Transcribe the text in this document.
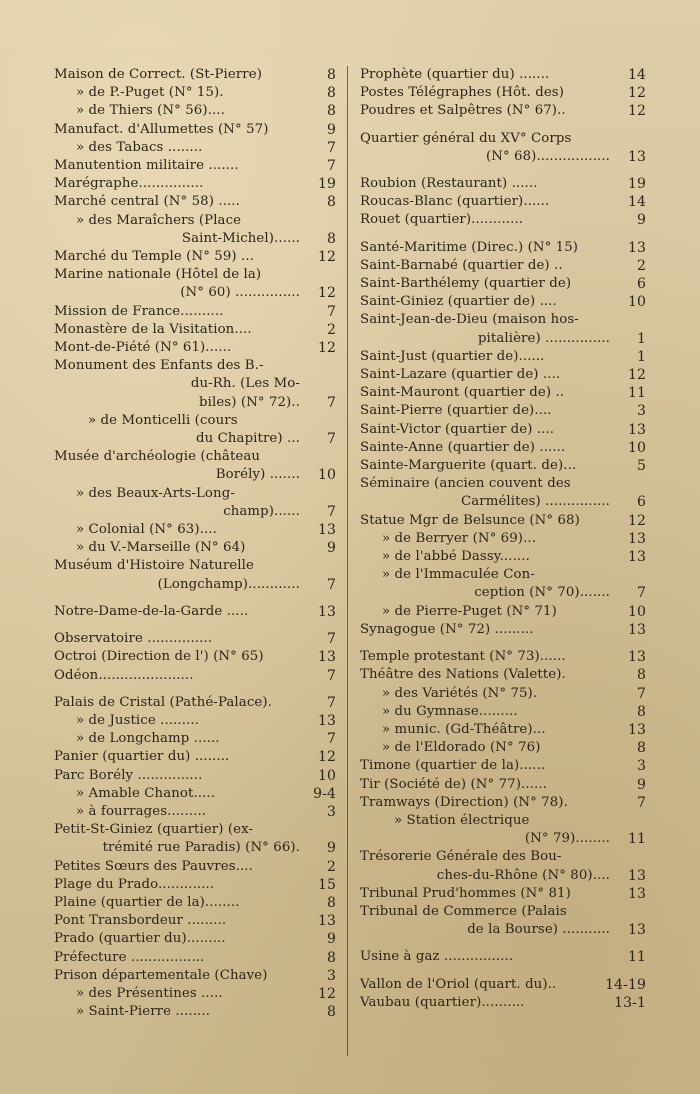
Maison de Correct. (St-Pierre)	8
» de P.-Puget (N° 15).	8
» de Thiers (N° 56)....	8
Manufact. d'Allumettes (N° 57)	9
» des Tabacs ........	7
Manutention militaire .......	7
Marégraphe...............	19
Marché central (N° 58) .....	8
» des Maraîchers (Place
Saint-Michel)...... 8
Marché du Temple (N° 59) ...	12
Marine nationale (Hôtel de la)
(N° 60) ............... 12
Mission de France..........	7
Monastère de la Visitation....	2
Mont-de-Piété (N° 61)......	12
Monument des Enfants des B.-
du-Rh. (Les Mo-
biles) (N° 72).. 7
» de Monticelli (cours
du Chapitre) ... 7
Musée d'archéologie (château
Borély) ....... 10
» des Beaux-Arts-Long-
champ)...... 7
» Colonial (N° 63)....	13
» du V.-Marseille (N° 64)	9
Muséum d'Histoire Naturelle
(Longchamp)............ 7
Notre-Dame-de-la-Garde .....	13
Observatoire ...............	7
Octroi (Direction de l') (N° 65)	13
Odéon......................	7
Palais de Cristal (Pathé-Palace).	7
» de Justice .........	13
» de Longchamp ......	7
Panier (quartier du) ........	12
Parc Borély ...............	10
» Amable Chanot.....	9-4
» à fourrages.........	3
Petit-St-Giniez (quartier) (ex-
trémité rue Paradis) (N° 66). 9
Petites Sœurs des Pauvres....	2
Plage du Prado.............	15
Plaine (quartier de la)........	8
Pont Transbordeur .........	13
Prado (quartier du).........	9
Préfecture .................	8
Prison départementale (Chave)	3
» des Présentines .....	12
» Saint-Pierre ........	8
Prophète (quartier du) .......	14
Postes Télégraphes (Hôt. des)	12
Poudres et Salpêtres (N° 67)..	12
Quartier général du XV° Corps
(N° 68)................. 13
Roubion (Restaurant) ......	19
Roucas-Blanc (quartier)......	14
Rouet (quartier)............	9
Santé-Maritime (Direc.) (N° 15)	13
Saint-Barnabé (quartier de) ..	2
Saint-Barthélemy (quartier de)	6
Saint-Giniez (quartier de) ....	10
Saint-Jean-de-Dieu (maison hos-
pitalière) ............... 1
Saint-Just (quartier de)......	1
Saint-Lazare (quartier de) ....	12
Saint-Mauront (quartier de) ..	11
Saint-Pierre (quartier de)....	3
Saint-Victor (quartier de) ....	13
Sainte-Anne (quartier de) ......	10
Sainte-Marguerite (quart. de)...	5
Séminaire (ancien couvent des
Carmélites) ............... 6
Statue Mgr de Belsunce (N° 68)	12
» de Berryer (N° 69)...	13
» de l'abbé Dassy.......	13
» de l'Immaculée Con-
ception (N° 70)....... 7
» de Pierre-Puget (N° 71)	10
Synagogue (N° 72) .........	13
Temple protestant (N° 73)......	13
Théâtre des Nations (Valette).	8
» des Variétés (N° 75).	7
» du Gymnase.........	8
» munic. (Gd-Théâtre)...	13
» de l'Eldorado (N° 76)	8
Timone (quartier de la)......	3
Tir (Société de) (N° 77)......	9
Tramways (Direction) (N° 78).	7
» Station électrique
(N° 79)........ 11
Trésorerie Générale des Bou-
ches-du-Rhône (N° 80).... 13
Tribunal Prud'hommes (N° 81)	13
Tribunal de Commerce (Palais
de la Bourse) ........... 13
Usine à gaz ................	11
Vallon de l'Oriol (quart. du)..	14-19
Vaubau (quartier)..........	13-1
